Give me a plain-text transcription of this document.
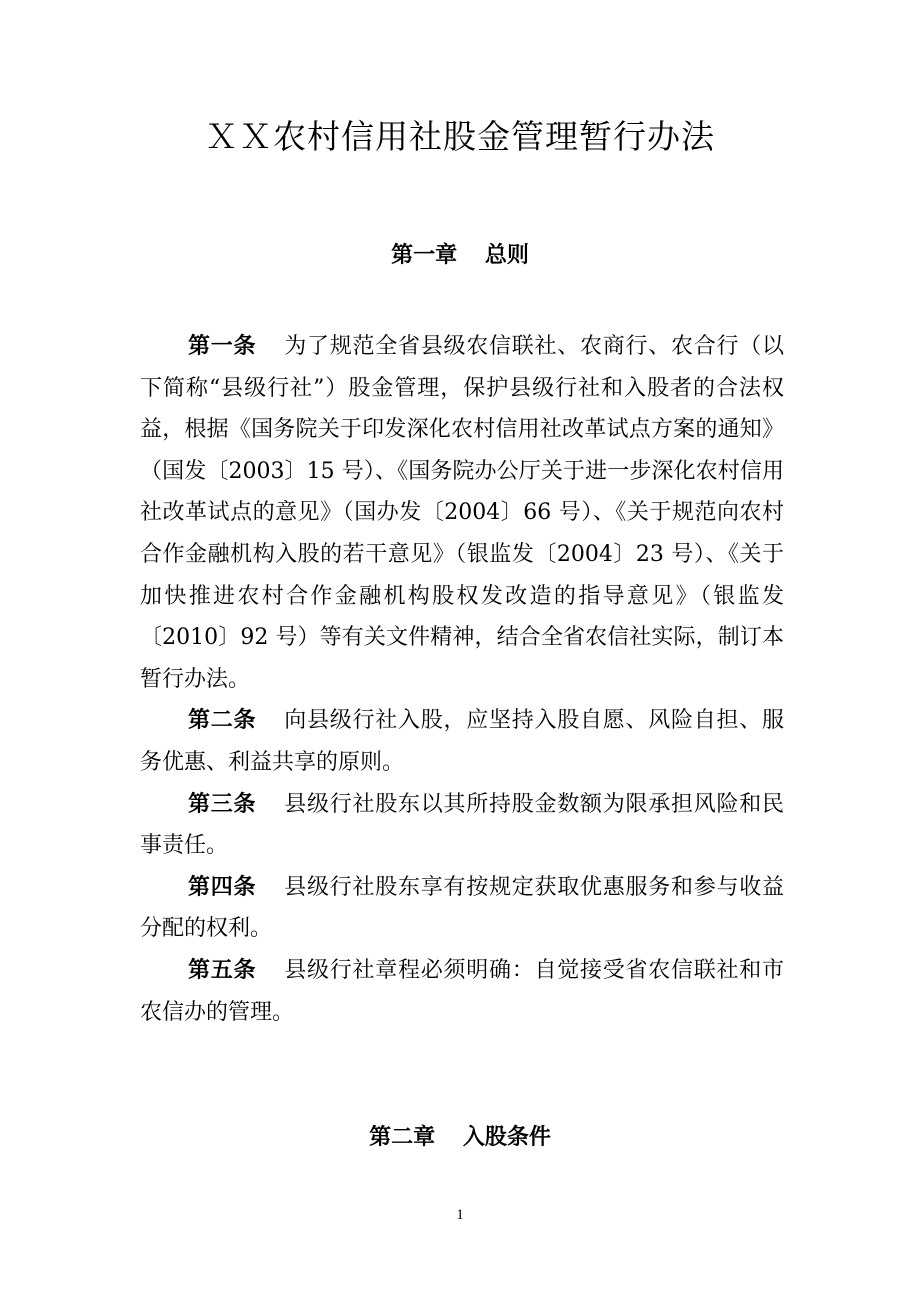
ＸＸ农村信用社股金管理暂行办法
第一章 总则

第一条 为了规范全省县级农信联社、农商行、农合行（以下简称“县级行社”）股金管理，保护县级行社和入股者的合法权益，根据《国务院关于印发深化农村信用社改革试点方案的通知》（国发〔2003〕15 号）、《国务院办公厅关于进一步深化农村信用社改革试点的意见》（国办发〔2004〕66 号）、《关于规范向农村合作金融机构入股的若干意见》（银监发〔2004〕23 号）、《关于加快推进农村合作金融机构股权发改造的指导意见》（银监发〔2010〕92 号）等有关文件精神，结合全省农信社实际，制订本暂行办法。

第二条 向县级行社入股，应坚持入股自愿、风险自担、服务优惠、利益共享的原则。

第三条 县级行社股东以其所持股金数额为限承担风险和民事责任。

第四条 县级行社股东享有按规定获取优惠服务和参与收益分配的权利。

第五条 县级行社章程必须明确：自觉接受省农信联社和市农信办的管理。

第二章 入股条件
1
